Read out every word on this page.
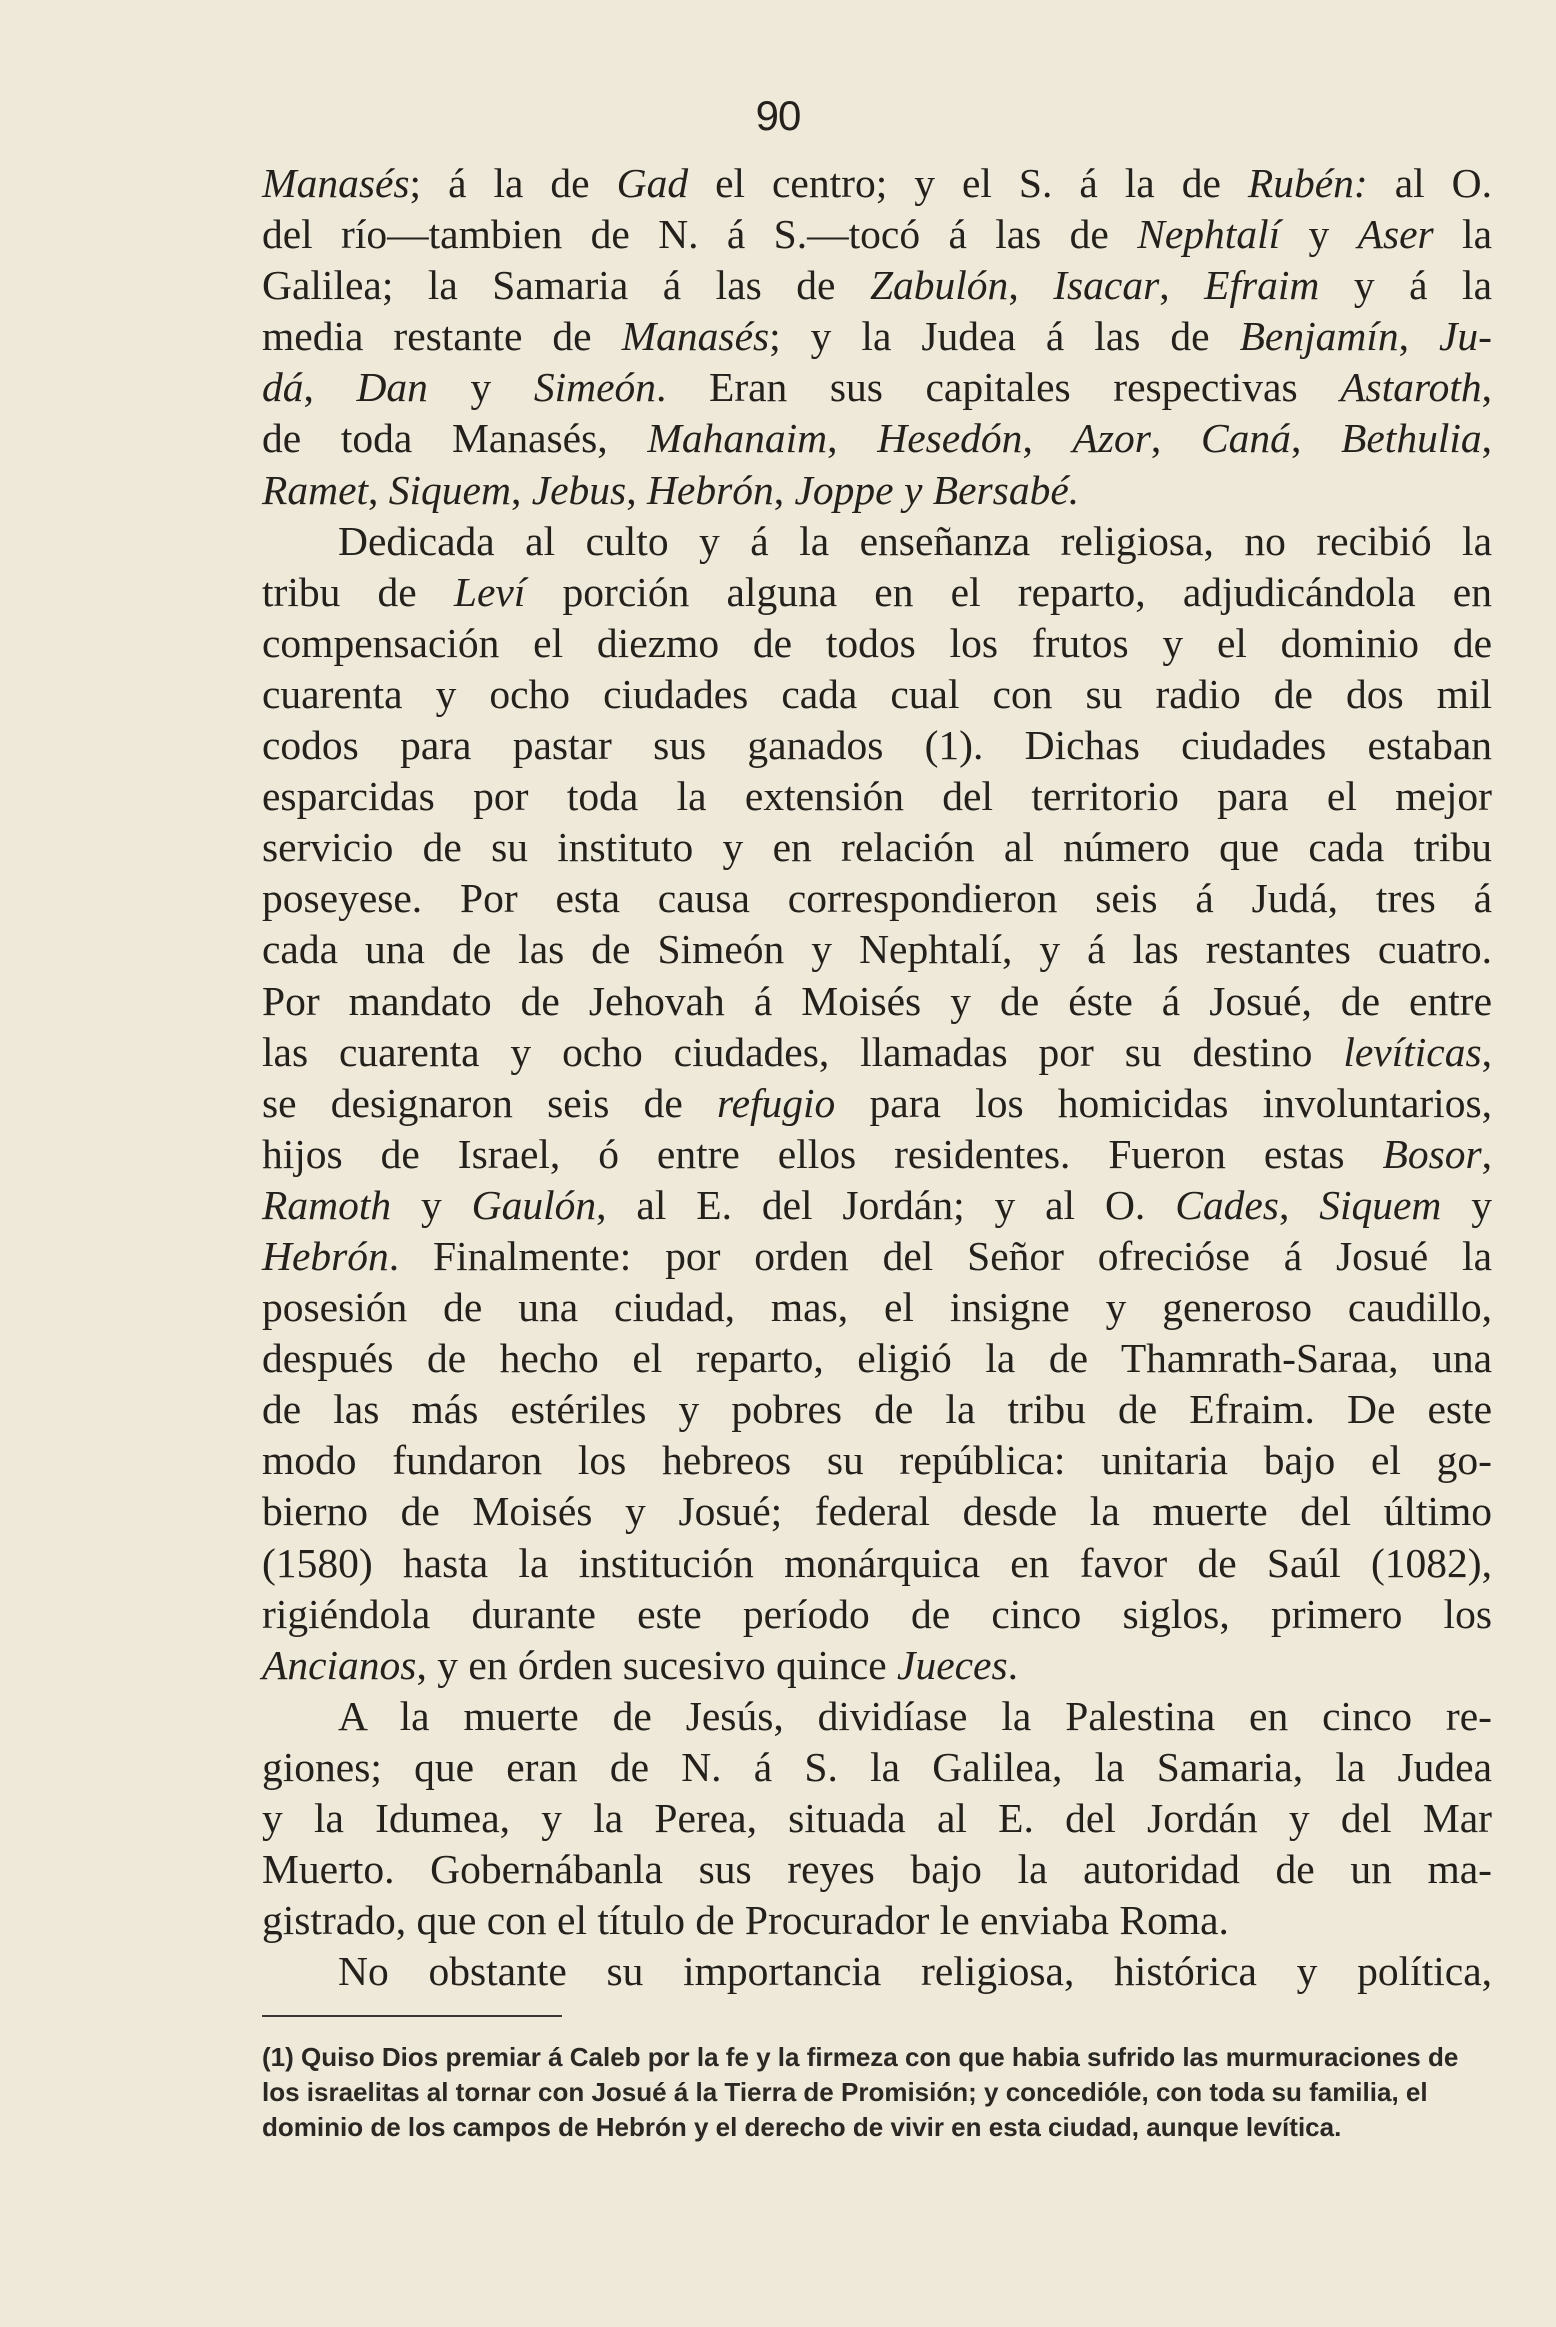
90
Manasés; á la de Gad el centro; y el S. á la de Rubén: al O.
del río—tambien de N. á S.—tocó á las de Nephtalí y Aser la
Galilea; la Samaria á las de Zabulón, Isacar, Efraim y á la
media restante de Manasés; y la Judea á las de Benjamín, Ju-
dá, Dan y Simeón. Eran sus capitales respectivas Astaroth,
de toda Manasés, Mahanaim, Hesedón, Azor, Caná, Bethulia,
Ramet, Siquem, Jebus, Hebrón, Joppe y Bersabé.
Dedicada al culto y á la enseñanza religiosa, no recibió la
tribu de Leví porción alguna en el reparto, adjudicándola en
compensación el diezmo de todos los frutos y el dominio de
cuarenta y ocho ciudades cada cual con su radio de dos mil
codos para pastar sus ganados (1). Dichas ciudades estaban
esparcidas por toda la extensión del territorio para el mejor
servicio de su instituto y en relación al número que cada tribu
poseyese. Por esta causa correspondieron seis á Judá, tres á
cada una de las de Simeón y Nephtalí, y á las restantes cuatro.
Por mandato de Jehovah á Moisés y de éste á Josué, de entre
las cuarenta y ocho ciudades, llamadas por su destino levíticas,
se designaron seis de refugio para los homicidas involuntarios,
hijos de Israel, ó entre ellos residentes. Fueron estas Bosor,
Ramoth y Gaulón, al E. del Jordán; y al O. Cades, Siquem y
Hebrón. Finalmente: por orden del Señor ofrecióse á Josué la
posesión de una ciudad, mas, el insigne y generoso caudillo,
después de hecho el reparto, eligió la de Thamrath-Saraa, una
de las más estériles y pobres de la tribu de Efraim. De este
modo fundaron los hebreos su república: unitaria bajo el go-
bierno de Moisés y Josué; federal desde la muerte del último
(1580) hasta la institución monárquica en favor de Saúl (1082),
rigiéndola durante este período de cinco siglos, primero los
Ancianos, y en órden sucesivo quince Jueces.
A la muerte de Jesús, dividíase la Palestina en cinco re-
giones; que eran de N. á S. la Galilea, la Samaria, la Judea
y la Idumea, y la Perea, situada al E. del Jordán y del Mar
Muerto. Gobernábanla sus reyes bajo la autoridad de un ma-
gistrado, que con el título de Procurador le enviaba Roma.
No obstante su importancia religiosa, histórica y política,
(1) Quiso Dios premiar á Caleb por la fe y la firmeza con que habia sufrido las murmuraciones de los israelitas al tornar con Josué á la Tierra de Promisión; y concedióle, con toda su familia, el dominio de los campos de Hebrón y el derecho de vivir en esta ciudad, aunque levítica.
